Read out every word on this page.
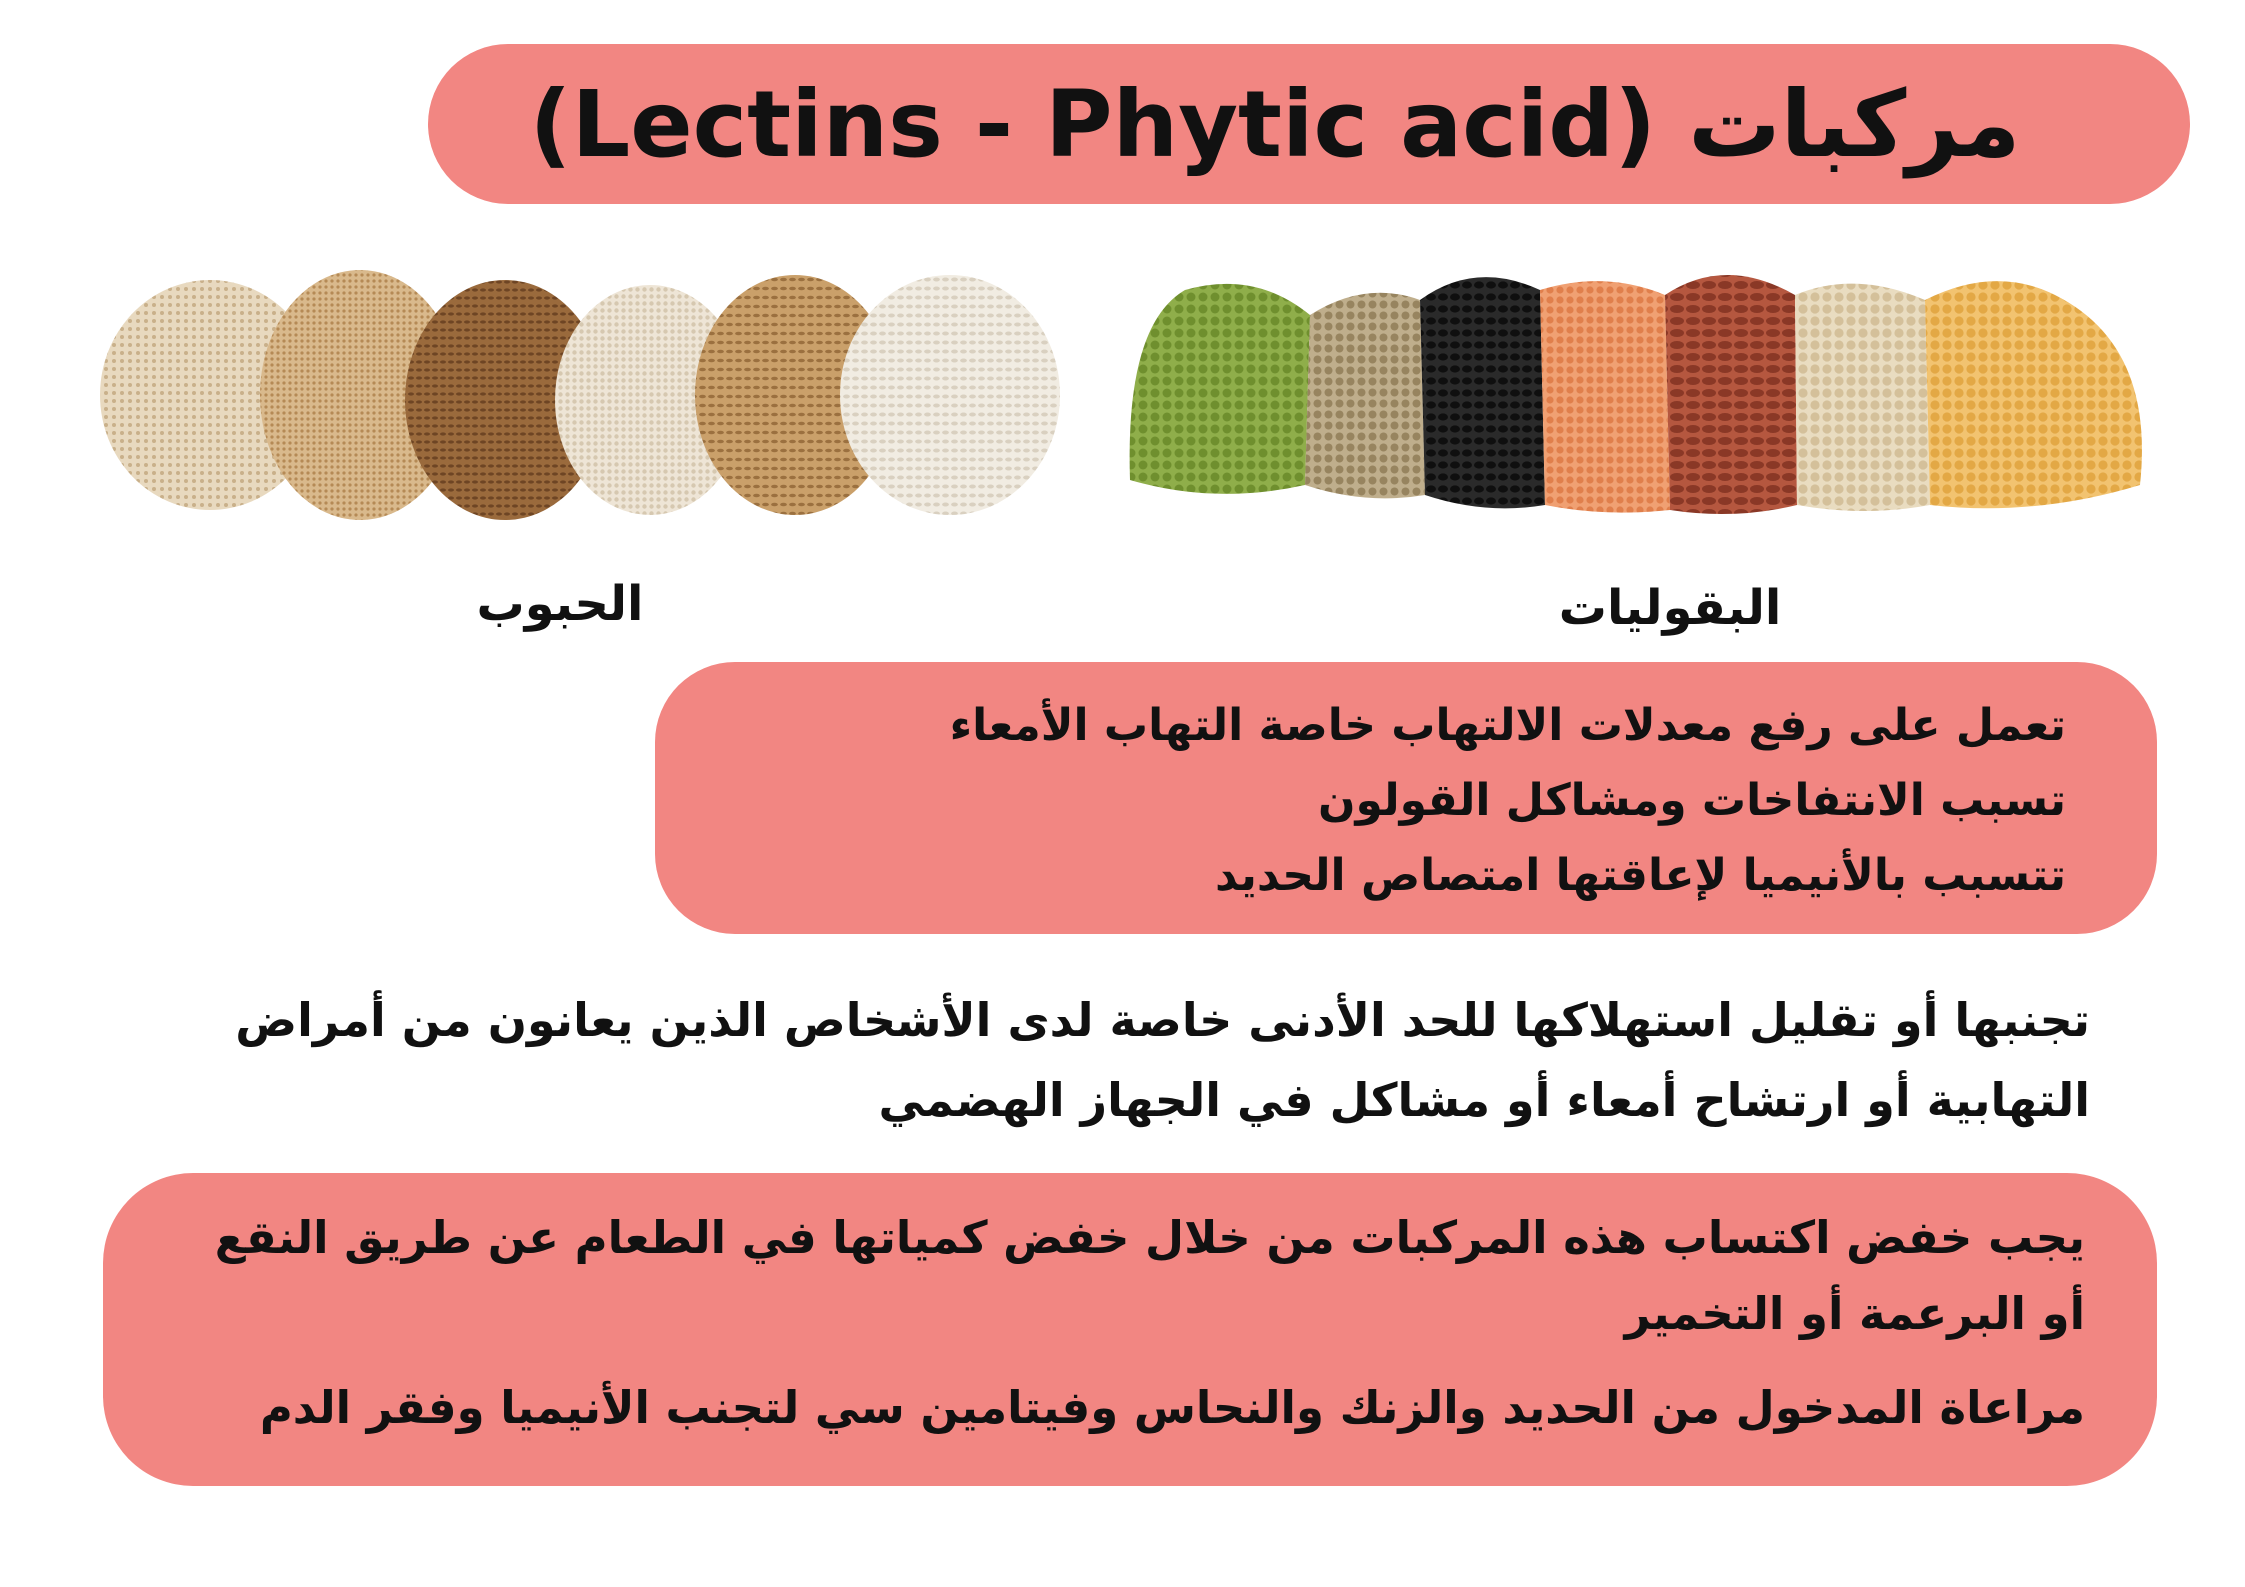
مركبات (Lectins - Phytic acid)
الحبوب	البقوليات
تعمل على رفع معدلات الالتهاب خاصة التهاب الأمعاء
تسبب الانتفاخات ومشاكل القولون
تتسبب بالأنيميا لإعاقتها امتصاص الحديد
تجنبها أو تقليل استهلاكها للحد الأدنى خاصة لدى الأشخاص الذين يعانون من أمراض
التهابية أو ارتشاح أمعاء أو مشاكل في الجهاز الهضمي
يجب خفض اكتساب هذه المركبات من خلال خفض كمياتها في الطعام عن طريق النقع
أو البرعمة أو التخمير
مراعاة المدخول من الحديد والزنك والنحاس وفيتامين سي لتجنب الأنيميا وفقر الدم
